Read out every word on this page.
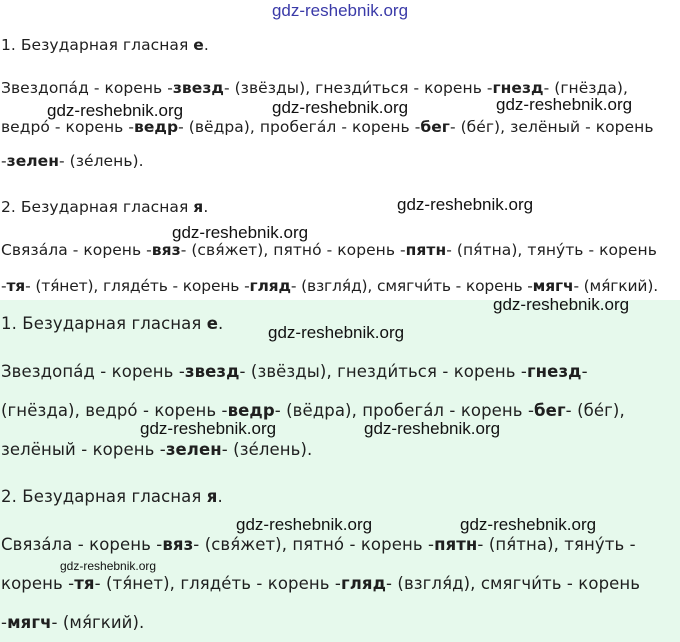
gdz-reshebnik.org
1. Безударная гласная е.
Звездопа́д - корень -звезд- (звёзды), гнезди́ться - корень -гнезд- (гнёзда),
ведро́ - корень -ведр- (вёдра), пробега́л - корень -бег- (бе́г), зелёный - корень
-зелен- (зе́лень).
2. Безударная гласная я.
Связа́ла - корень -вяз- (свя́жет), пятно́ - корень -пятн- (пя́тна), тяну́ть - корень
-тя- (тя́нет), гляде́ть - корень -гляд- (взгля́д), смягчи́ть - корень -мягч- (мя́гкий).
1. Безударная гласная е.
Звездопа́д - корень -звезд- (звёзды), гнезди́ться - корень -гнезд-
(гнёзда), ведро́ - корень -ведр- (вёдра), пробега́л - корень -бег- (бе́г),
зелёный - корень -зелен- (зе́лень).
2. Безударная гласная я.
Связа́ла - корень -вяз- (свя́жет), пятно́ - корень -пятн- (пя́тна), тяну́ть -
корень -тя- (тя́нет), гляде́ть - корень -гляд- (взгля́д), смягчи́ть - корень
-мягч- (мя́гкий).
gdz-reshebnik.org	gdz-reshebnik.org	gdz-reshebnik.org
gdz-reshebnik.org
gdz-reshebnik.org
gdz-reshebnik.org
gdz-reshebnik.org
gdz-reshebnik.org	gdz-reshebnik.org
gdz-reshebnik.org	gdz-reshebnik.org
gdz-reshebnik.org
